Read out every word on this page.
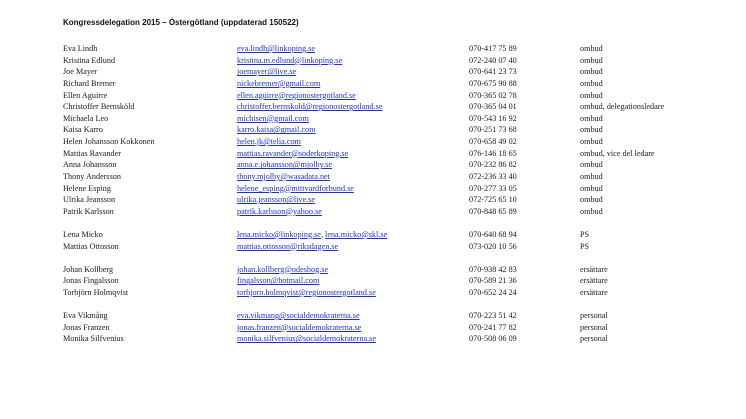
Kongressdelegation 2015 – Östergötland (uppdaterad 150522)
Eva Lindh	eva.lindh@linkoping.se	070-417 75 89	ombud
Kristina Edlund	kristina.m.edlund@linkoping.se	072-240 07 40	ombud
Joe Mayer	joemayer@live.se	070-641 23 73	ombud
Richard Bremer	nickebremer@gmail.com	070-675 90 88	ombud
Ellen Aguirre	ellen.aguirre@regionostergotland.se	070-365 02 78	ombud
Christoffer Bernsköld	christoffer.bernskold@regionostergotland.se	070-365 04 01	ombud, delegationsledare
Michaela Leo	michisen@gmail.com	070-543 16 92	ombud
Kaisa Karro	karro.kaisa@gmail.com	070-251 73 68	ombud
Helen Johansson Kokkonen	helen.jk@telia.com	070-658 49 02	ombud
Mattias Ravander	mattias.ravander@soderkoping.se	076-146 18 65	ombud, vice del ledare
Anna Johansson	anna.e.johansson@mjolby.se	070-232 86 82	ombud
Thony Andersson	thony.mjolby@wasadata.net	072-236 33 40	ombud
Helene Esping	helene_esping@mittvardforbund.se	070-277 33 05	ombud
Ulrika Jeansson	ulrika.jeansson@live.se	072-725 65 10	ombud
Patrik Karlsson	patrik.karlsson@yahoo.se	070-848 65 89	ombud
Lena Micko	lena.micko@linkoping.se, lena.micko@skl.se	070-640 68 94	PS
Mattias Ottosson	mattias.ottosson@riksdagen.se	073-020 10 56	PS
Johan Kollberg	johan.kollberg@odeshog.se	070-938 42 83	ersättare
Jonas Fingalsson	fingalsson@hotmail.com	070-589 21 36	ersättare
Torbjörn Holmqvist	torbjorn.holmqvist@regionostergotland.se	070-652 24 24	ersättare
Eva Vikmång	eva.vikmang@socialdemokraterna.se	070-223 51 42	personal
Jonas Franzen	jonas.franzen@socialdemokraterna.se	070-241 77 82	personal
Monika Silfvenius	monika.silfvenius@socialdemokraterna.se	070-508 06 09	personal
